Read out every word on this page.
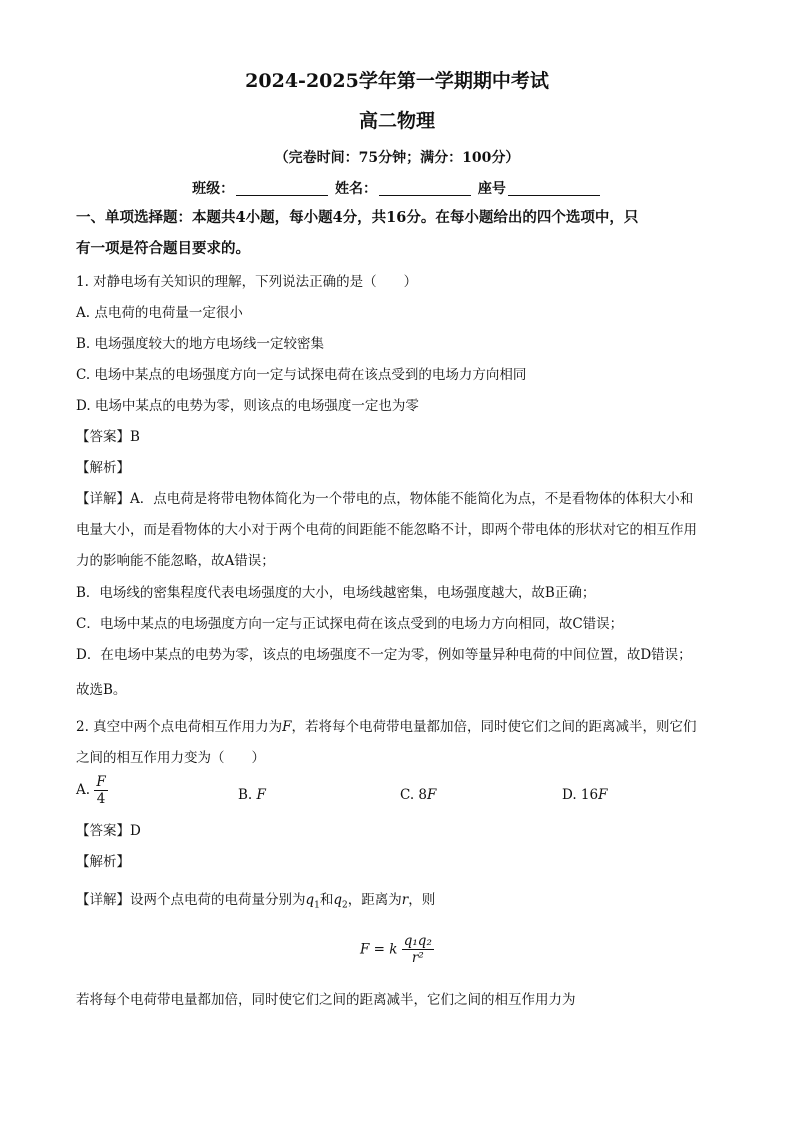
2024-2025学年第一学期期中考试
高二物理
（完卷时间：75分钟；满分：100分）
班级：	姓名：	座号
一、单项选择题：本题共4小题，每小题4分，共16分。在每小题给出的四个选项中，只
有一项是符合题目要求的。
1. 对静电场有关知识的理解，下列说法正确的是（　　）
A. 点电荷的电荷量一定很小
B. 电场强度较大的地方电场线一定较密集
C. 电场中某点的电场强度方向一定与试探电荷在该点受到的电场力方向相同
D. 电场中某点的电势为零，则该点的电场强度一定也为零
【答案】B
【解析】
【详解】A．点电荷是将带电物体简化为一个带电的点，物体能不能简化为点，不是看物体的体积大小和
电量大小，而是看物体的大小对于两个电荷的间距能不能忽略不计，即两个带电体的形状对它的相互作用
力的影响能不能忽略，故A错误；
B．电场线的密集程度代表电场强度的大小，电场线越密集，电场强度越大，故B正确；
C．电场中某点的电场强度方向一定与正试探电荷在该点受到的电场力方向相同，故C错误；
D．在电场中某点的电势为零，该点的电场强度不一定为零，例如等量异种电荷的中间位置，故D错误；
故选B。
2. 真空中两个点电荷相互作用力为F，若将每个电荷带电量都加倍，同时使它们之间的距离减半，则它们
之间的相互作用力变为（　　）
A. $\frac{F}{4}$	B. F	C. 8F	D. 16F
【答案】D
【解析】
【详解】设两个点电荷的电荷量分别为$q_1$和$q_2$，距离为r，则
F = k $\frac{\text{q₁q₂}}{\text{r²}}$
若将每个电荷带电量都加倍，同时使它们之间的距离减半，它们之间的相互作用力为
